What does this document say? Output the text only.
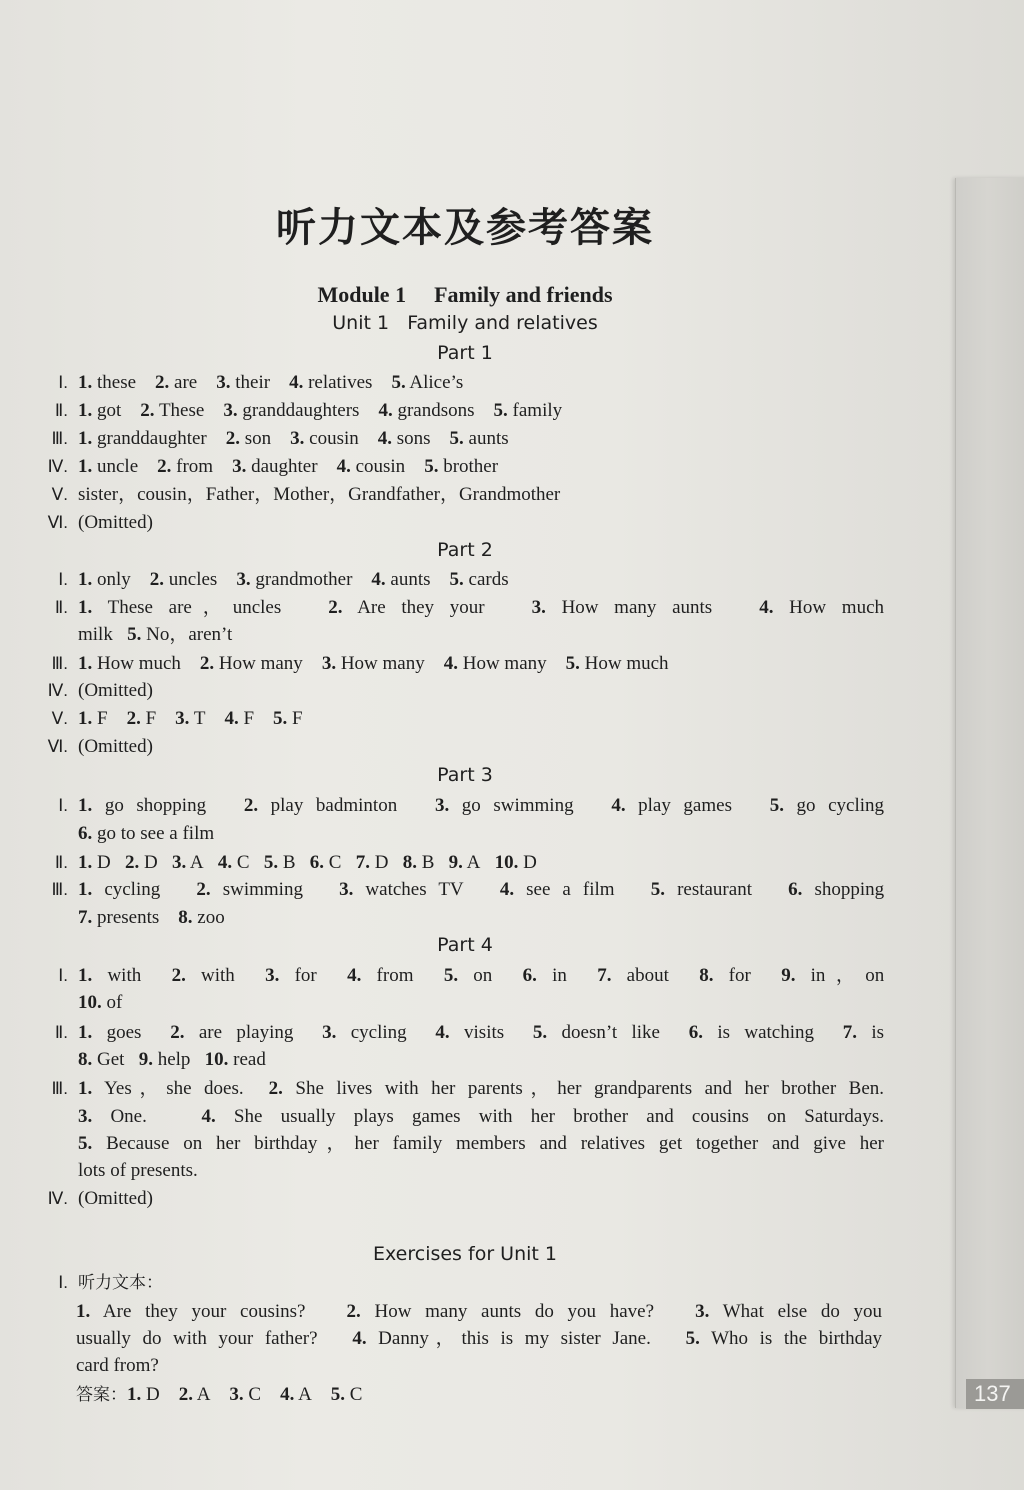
137
听力文本及参考答案
Module 1 Family and friends
Unit 1   Family and relatives
Part 1
Ⅰ. 1. these 2. are 3. their 4. relatives 5. Alice’s
Ⅱ. 1. got 2. These 3. granddaughters 4. grandsons 5. family
Ⅲ. 1. granddaughter 2. son 3. cousin 4. sons 5. aunts
Ⅳ. 1. uncle 2. from 3. daughter 4. cousin 5. brother
Ⅴ. sister，cousin，Father，Mother，Grandfather，Grandmother
Ⅵ. (Omitted)
Part 2
Ⅰ. 1. only 2. uncles 3. grandmother 4. aunts 5. cards
Ⅱ. 1. These are，uncles 2. Are they your 3. How many aunts 4. How much
milk 5. No，aren’t
Ⅲ. 1. How much 2. How many 3. How many 4. How many 5. How much
Ⅳ. (Omitted)
Ⅴ. 1. F 2. F 3. T 4. F 5. F
Ⅵ. (Omitted)
Part 3
Ⅰ. 1. go shopping 2. play badminton 3. go swimming 4. play games 5. go cycling
6. go to see a film
Ⅱ. 1. D 2. D 3. A 4. C 5. B 6. C 7. D 8. B 9. A 10. D
Ⅲ. 1. cycling 2. swimming 3. watches TV 4. see a film 5. restaurant 6. shopping
7. presents 8. zoo
Part 4
Ⅰ. 1. with 2. with 3. for 4. from 5. on 6. in 7. about 8. for 9. in，on
10. of
Ⅱ. 1. goes 2. are playing 3. cycling 4. visits 5. doesn’t like 6. is watching 7. is
8. Get 9. help 10. read
Ⅲ. 1. Yes，she does. 2. She lives with her parents，her grandparents and her brother Ben.
3. One.	4. She usually plays games with her brother and cousins on Saturdays.
5. Because on her birthday，her family members and relatives get together and give her
lots of presents.
Ⅳ. (Omitted)
Exercises for Unit 1
Ⅰ. 听力文本：
1. Are they your cousins? 2. How many aunts do you have? 3. What else do you
usually do with your father? 4. Danny，this is my sister Jane. 5. Who is the birthday
card from?
答案：1. D 2. A 3. C 4. A 5. C
